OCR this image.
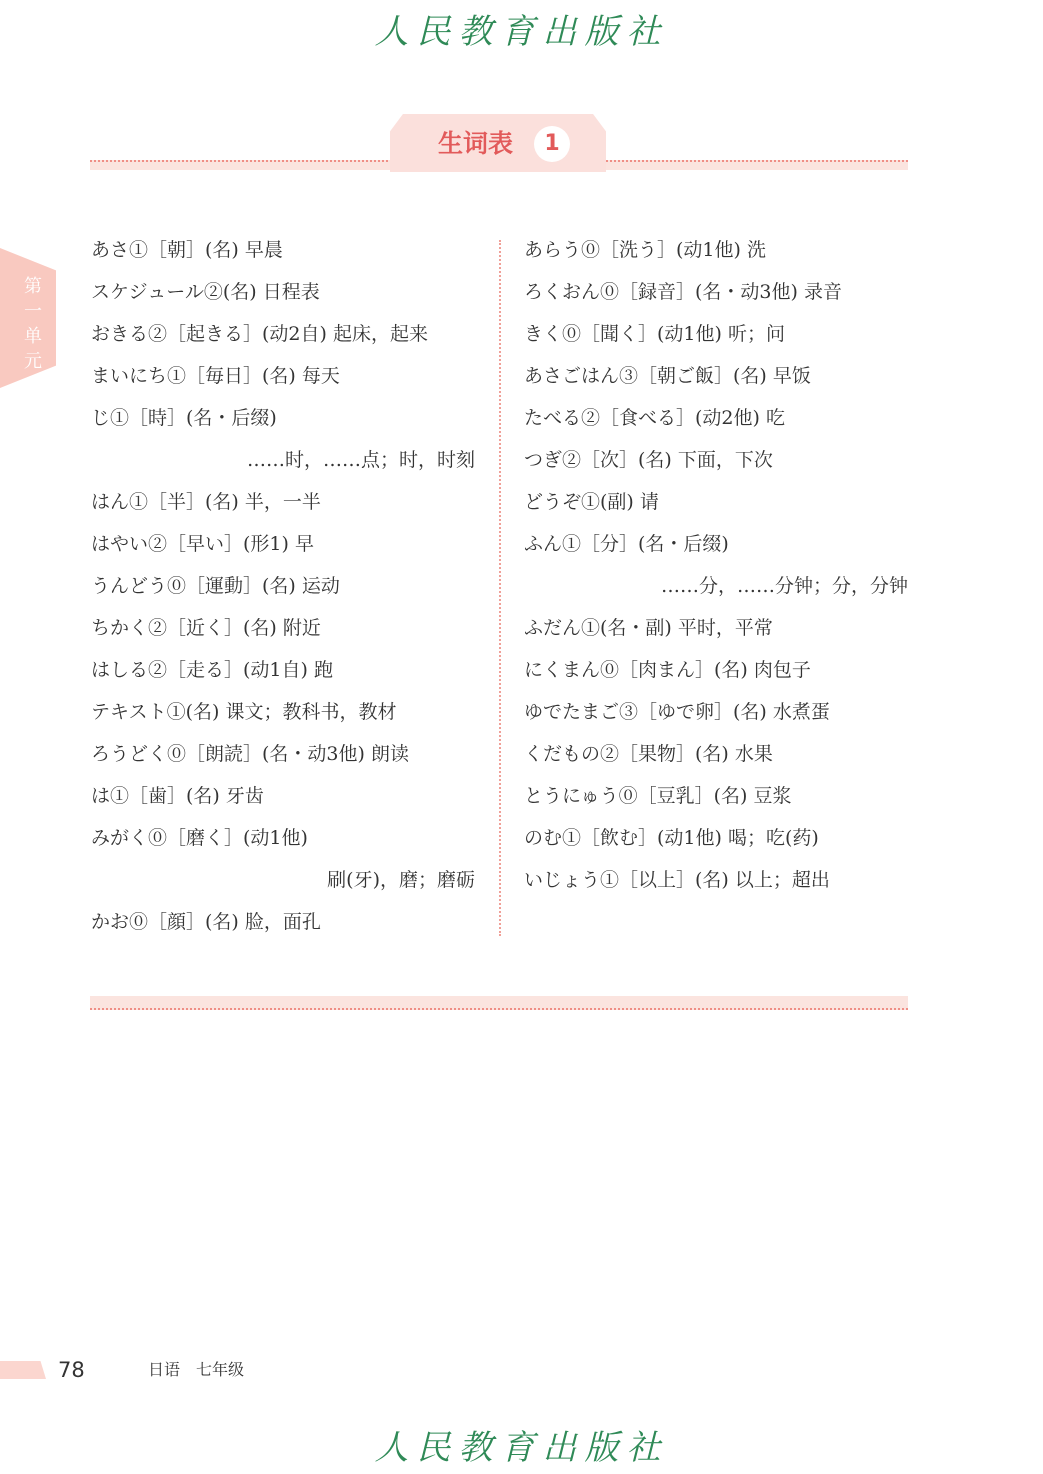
人民教育出版社
第
一
单
元
生词表	1
あさ①［朝］(名) 早晨
スケジュール②(名) 日程表
おきる②［起きる］(动2自) 起床，起来
まいにち①［毎日］(名) 每天
じ①［時］(名・后缀)
……时，……点；时，时刻
はん①［半］(名) 半，一半
はやい②［早い］(形1) 早
うんどう⓪［運動］(名) 运动
ちかく②［近く］(名) 附近
はしる②［走る］(动1自) 跑
テキスト①(名) 课文；教科书，教材
ろうどく⓪［朗読］(名・动3他) 朗读
は①［歯］(名) 牙齿
みがく⓪［磨く］(动1他)
刷(牙)，磨；磨砺
かお⓪［顔］(名) 脸，面孔
あらう⓪［洗う］(动1他) 洗
ろくおん⓪［録音］(名・动3他) 录音
きく⓪［聞く］(动1他) 听；问
あさごはん③［朝ご飯］(名) 早饭
たべる②［食べる］(动2他) 吃
つぎ②［次］(名) 下面，下次
どうぞ①(副) 请
ふん①［分］(名・后缀)
……分，……分钟；分，分钟
ふだん①(名・副) 平时，平常
にくまん⓪［肉まん］(名) 肉包子
ゆでたまご③［ゆで卵］(名) 水煮蛋
くだもの②［果物］(名) 水果
とうにゅう⓪［豆乳］(名) 豆浆
のむ①［飲む］(动1他) 喝；吃(药)
いじょう①［以上］(名) 以上；超出
78	日语　七年级
人民教育出版社
